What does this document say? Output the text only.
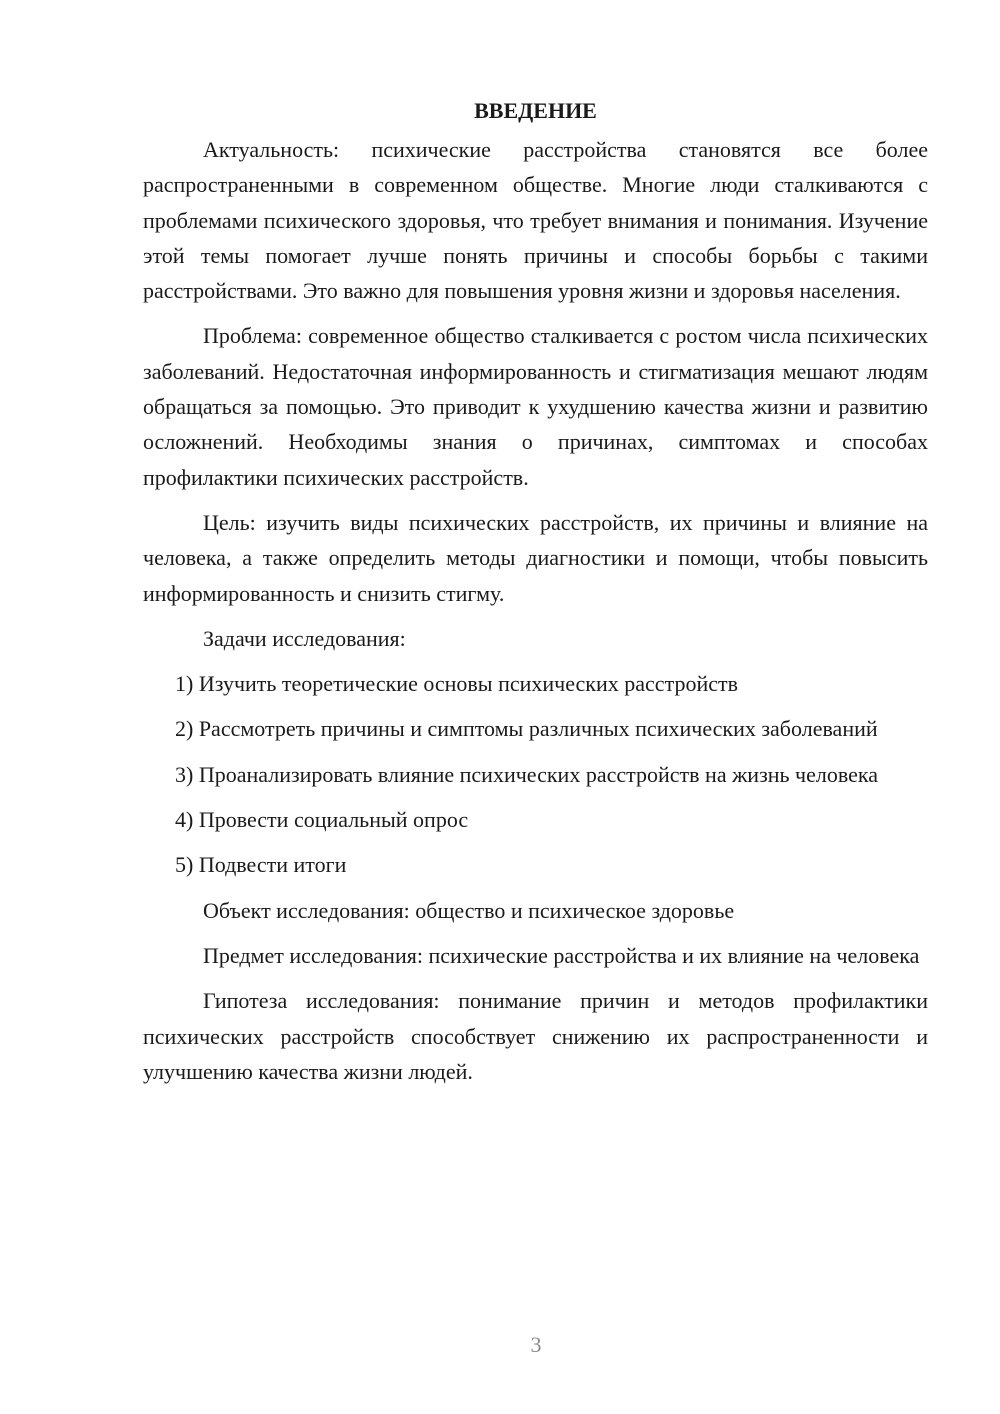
ВВЕДЕНИЕ

Актуальность: психические расстройства становятся все более распространенными в современном обществе. Многие люди сталкиваются с проблемами психического здоровья, что требует внимания и понимания. Изучение этой темы помогает лучше понять причины и способы борьбы с такими расстройствами. Это важно для повышения уровня жизни и здоровья населения.

Проблема: современное общество сталкивается с ростом числа психических заболеваний. Недостаточная информированность и стигматизация мешают людям обращаться за помощью. Это приводит к ухудшению качества жизни и развитию осложнений. Необходимы знания о причинах, симптомах и способах профилактики психических расстройств.

Цель: изучить виды психических расстройств, их причины и влияние на человека, а также определить методы диагностики и помощи, чтобы повысить информированность и снизить стигму.

Задачи исследования:

1) Изучить теоретические основы психических расстройств

2) Рассмотреть причины и симптомы различных психических заболеваний

3) Проанализировать влияние психических расстройств на жизнь человека

4) Провести социальный опрос

5) Подвести итоги

Объект исследования: общество и психическое здоровье

Предмет исследования: психические расстройства и их влияние на человека

Гипотеза исследования: понимание причин и методов профилактики психических расстройств способствует снижению их распространенности и улучшению качества жизни людей.

3
